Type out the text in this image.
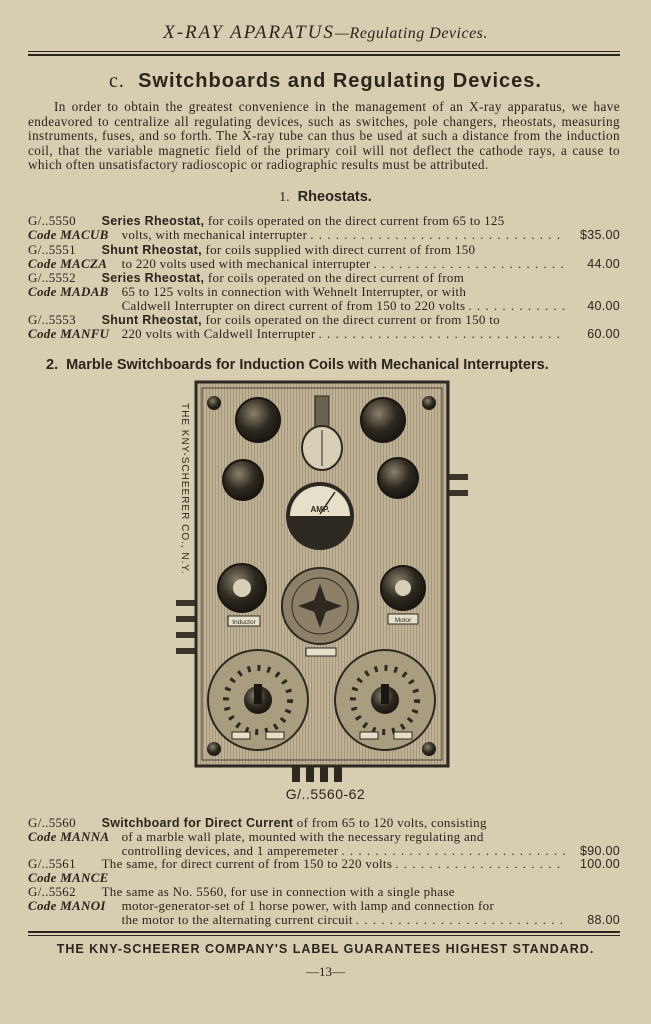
X-RAY APARATUS—Regulating Devices.
c. Switchboards and Regulating Devices.
In order to obtain the greatest convenience in the management of an X-ray apparatus, we have endeavored to centralize all regulating devices, such as switches, pole changers, rheostats, measuring instruments, fuses, and so forth. The X-ray tube can thus be used at such a distance from the induction coil, that the variable magnetic field of the primary coil will not deflect the cathode rays, a cause to which often unsatisfactory radioscopic or radiographic results must be attributed.
1. Rheostats.
G/..5550
	Series Rheostat,
for coils operated on the direct current from 65 to 125
Code MACUB
volts, with mechanical interrupter . . .	$35.00
G/..5551
	Shunt Rheostat,
for coils supplied with direct current of from 150
Code MACZA
	to 220 volts used with mechanical interrupter . . .	44.00
G/..5552
	Series Rheostat,
for coils operated on the direct current of from
Code MADAB
65 to 125 volts in connection with Wehnelt Interrupter, or with

Caldwell Interrupter on direct current of from 150 to 220 volts . . .	40.00
G/..5553
	Shunt Rheostat,
for coils operated on the direct current or from 150 to
Code MANFU
220 volts with Caldwell Interrupter . . .	60.00
2. Marble Switchboards for Induction Coils with Mechanical Interrupters.
AMP.
Inductor	Motor
THE KNY-SCHEERER CO., N.Y.
G/..5560-62
G/..5560
	Switchboard for Direct Current
of from 65 to 120 volts, consisting
Code MANNA
of a marble wall plate, mounted with the necessary regulating and

controlling devices, and 1 amperemeter . . .	$90.00
G/..5561
	The same, for direct current of from 150 to 220 volts . . .	100.00
Code MANCE
G/..5562
	The same as No. 5560, for use in connection with a single phase
Code MANOI
	motor-generator-set of 1 horse power, with lamp and connection for

the motor to the alternating current circuit . . .	88.00
THE KNY-SCHEERER COMPANY'S LABEL GUARANTEES HIGHEST STANDARD.
—13—
